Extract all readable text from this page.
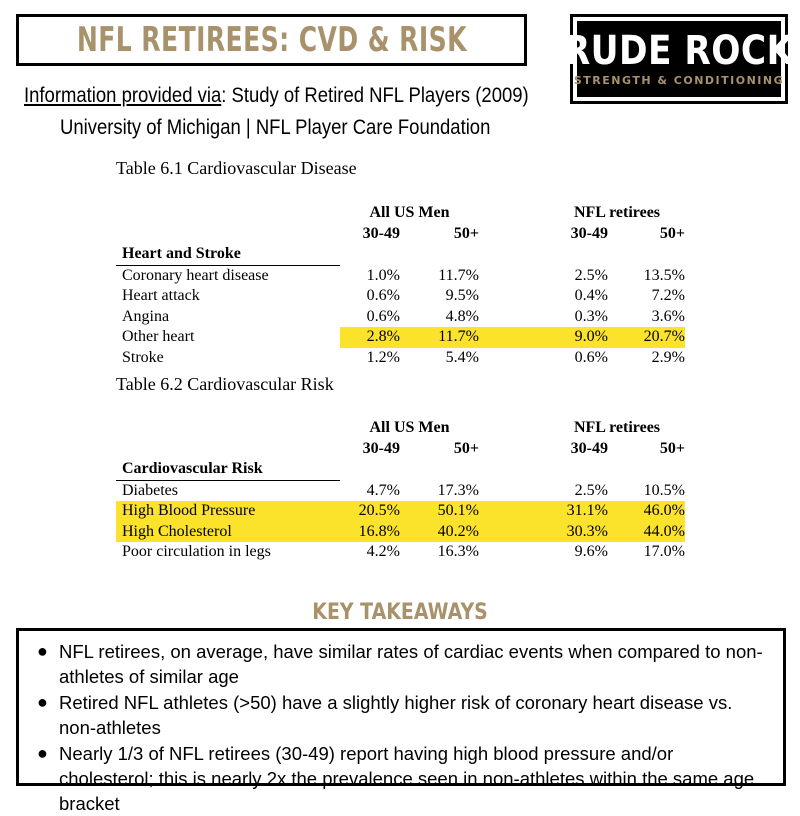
NFL RETIREES: CVD & RISK RUDE ROCK
STRENGTH & CONDITIONING
Information provided via: Study of Retired NFL Players (2009)
University of Michigan | NFL Player Care Foundation
Table 6.1 Cardiovascular Disease
	All US Men		NFL retirees	
	30-49	50+	30-49	50+
Heart and Stroke				
Coronary heart disease	1.0%	11.7%	2.5%	13.5%
Heart attack	0.6%	9.5%	0.4%	7.2%
Angina	0.6%	4.8%	0.3%	3.6%
Other heart	2.8%	11.7%	9.0%	20.7%
Stroke	1.2%	5.4%	0.6%	2.9%
Table 6.2 Cardiovascular Risk
	All US Men		NFL retirees	
	30-49	50+	30-49	50+
Cardiovascular Risk				
Diabetes	4.7%	17.3%	2.5%	10.5%
High Blood Pressure	20.5%	50.1%	31.1%	46.0%
High Cholesterol	16.8%	40.2%	30.3%	44.0%
Poor circulation in legs	4.2%	16.3%	9.6%	17.0%
KEY TAKEAWAYS
● NFL retirees, on average, have similar rates of cardiac events when compared to non-athletes of similar age
● Retired NFL athletes (>50) have a slightly higher risk of coronary heart disease vs. non-athletes
● Nearly 1/3 of NFL retirees (30-49) report having high blood pressure and/or cholesterol; this is nearly 2x the prevalence seen in non-athletes within the same age bracket
